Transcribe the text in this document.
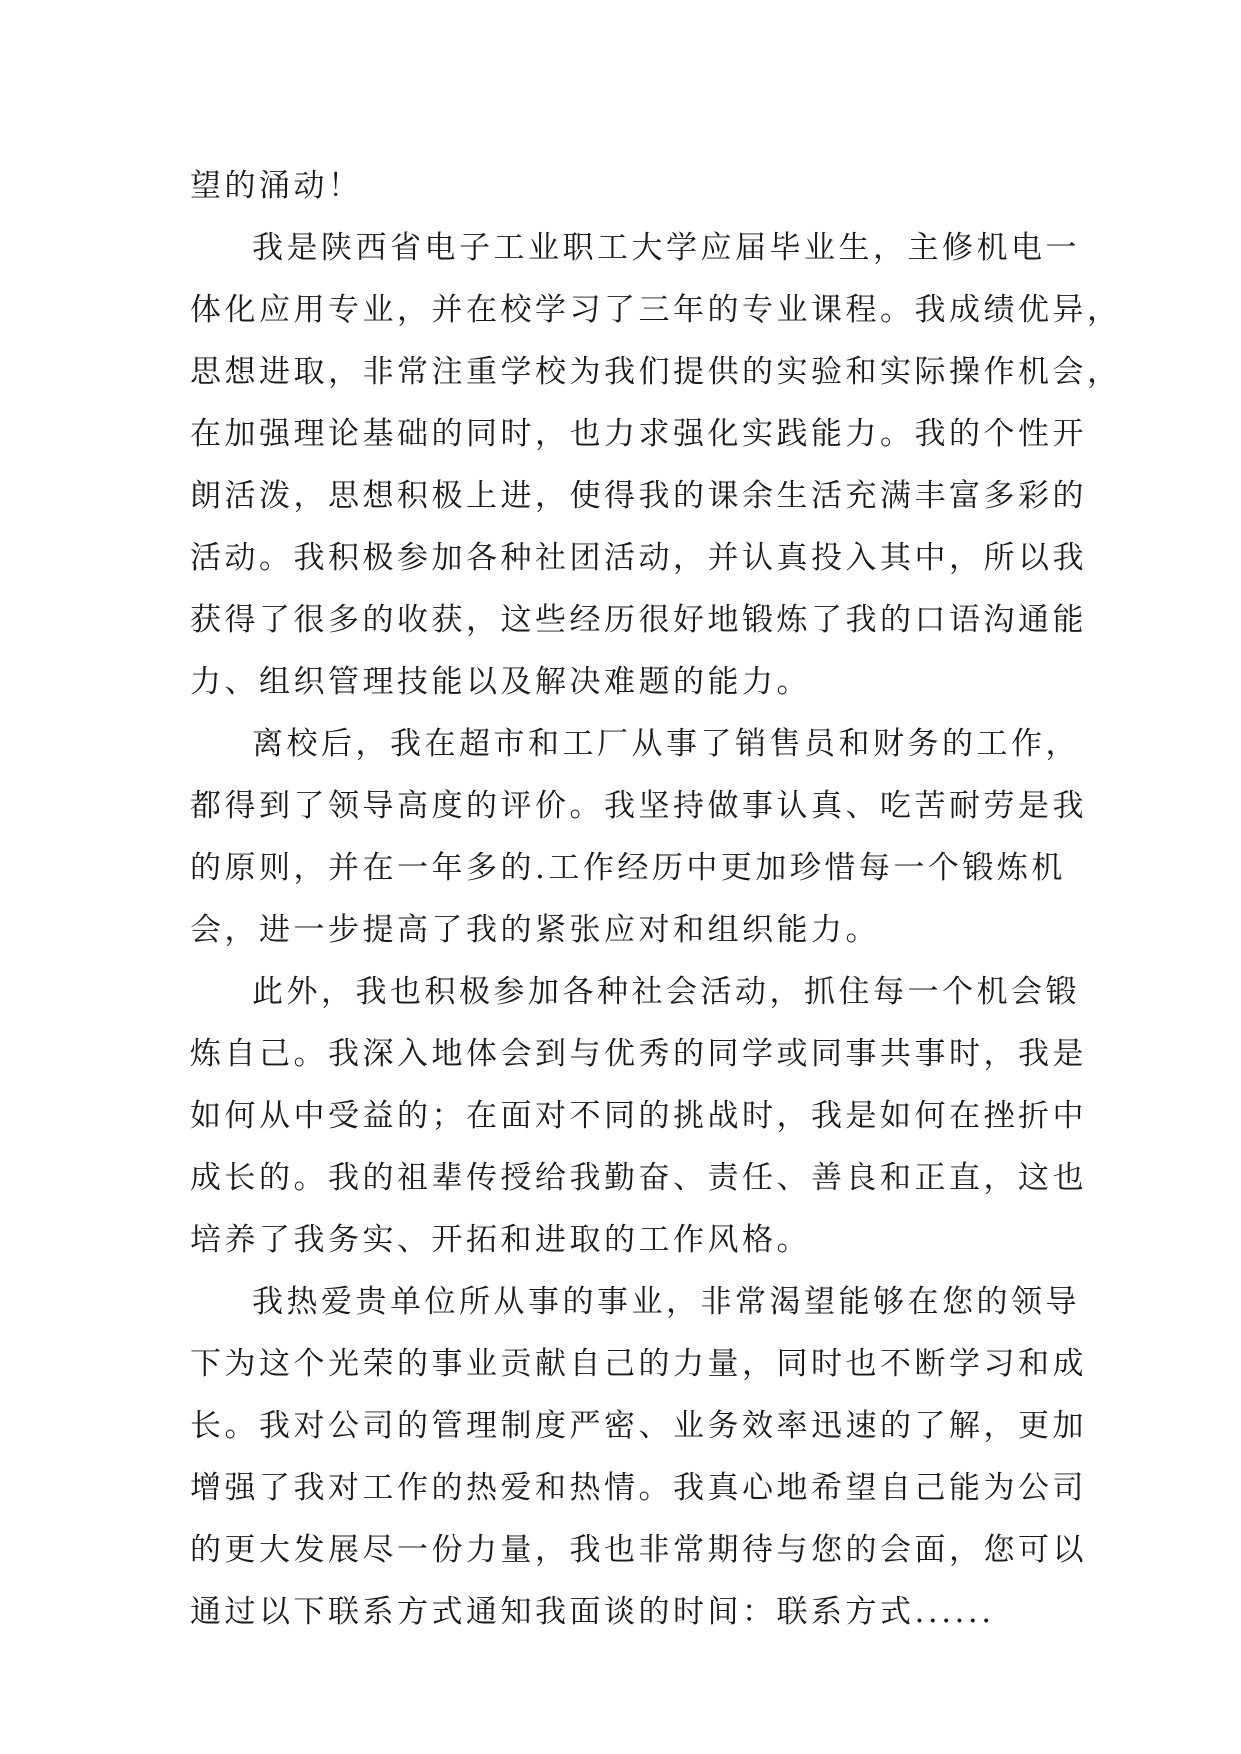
望的涌动！
我是陕西省电子工业职工大学应届毕业生，主修机电一
体化应用专业，并在校学习了三年的专业课程。我成绩优异，
思想进取，非常注重学校为我们提供的实验和实际操作机会，
在加强理论基础的同时，也力求强化实践能力。我的个性开
朗活泼，思想积极上进，使得我的课余生活充满丰富多彩的
活动。我积极参加各种社团活动，并认真投入其中，所以我
获得了很多的收获，这些经历很好地锻炼了我的口语沟通能
力、组织管理技能以及解决难题的能力。
离校后，我在超市和工厂从事了销售员和财务的工作，
都得到了领导高度的评价。我坚持做事认真、吃苦耐劳是我
的原则，并在一年多的.工作经历中更加珍惜每一个锻炼机
会，进一步提高了我的紧张应对和组织能力。
此外，我也积极参加各种社会活动，抓住每一个机会锻
炼自己。我深入地体会到与优秀的同学或同事共事时，我是
如何从中受益的；在面对不同的挑战时，我是如何在挫折中
成长的。我的祖辈传授给我勤奋、责任、善良和正直，这也
培养了我务实、开拓和进取的工作风格。
我热爱贵单位所从事的事业，非常渴望能够在您的领导
下为这个光荣的事业贡献自己的力量，同时也不断学习和成
长。我对公司的管理制度严密、业务效率迅速的了解，更加
增强了我对工作的热爱和热情。我真心地希望自己能为公司
的更大发展尽一份力量，我也非常期待与您的会面，您可以
通过以下联系方式通知我面谈的时间：联系方式......
